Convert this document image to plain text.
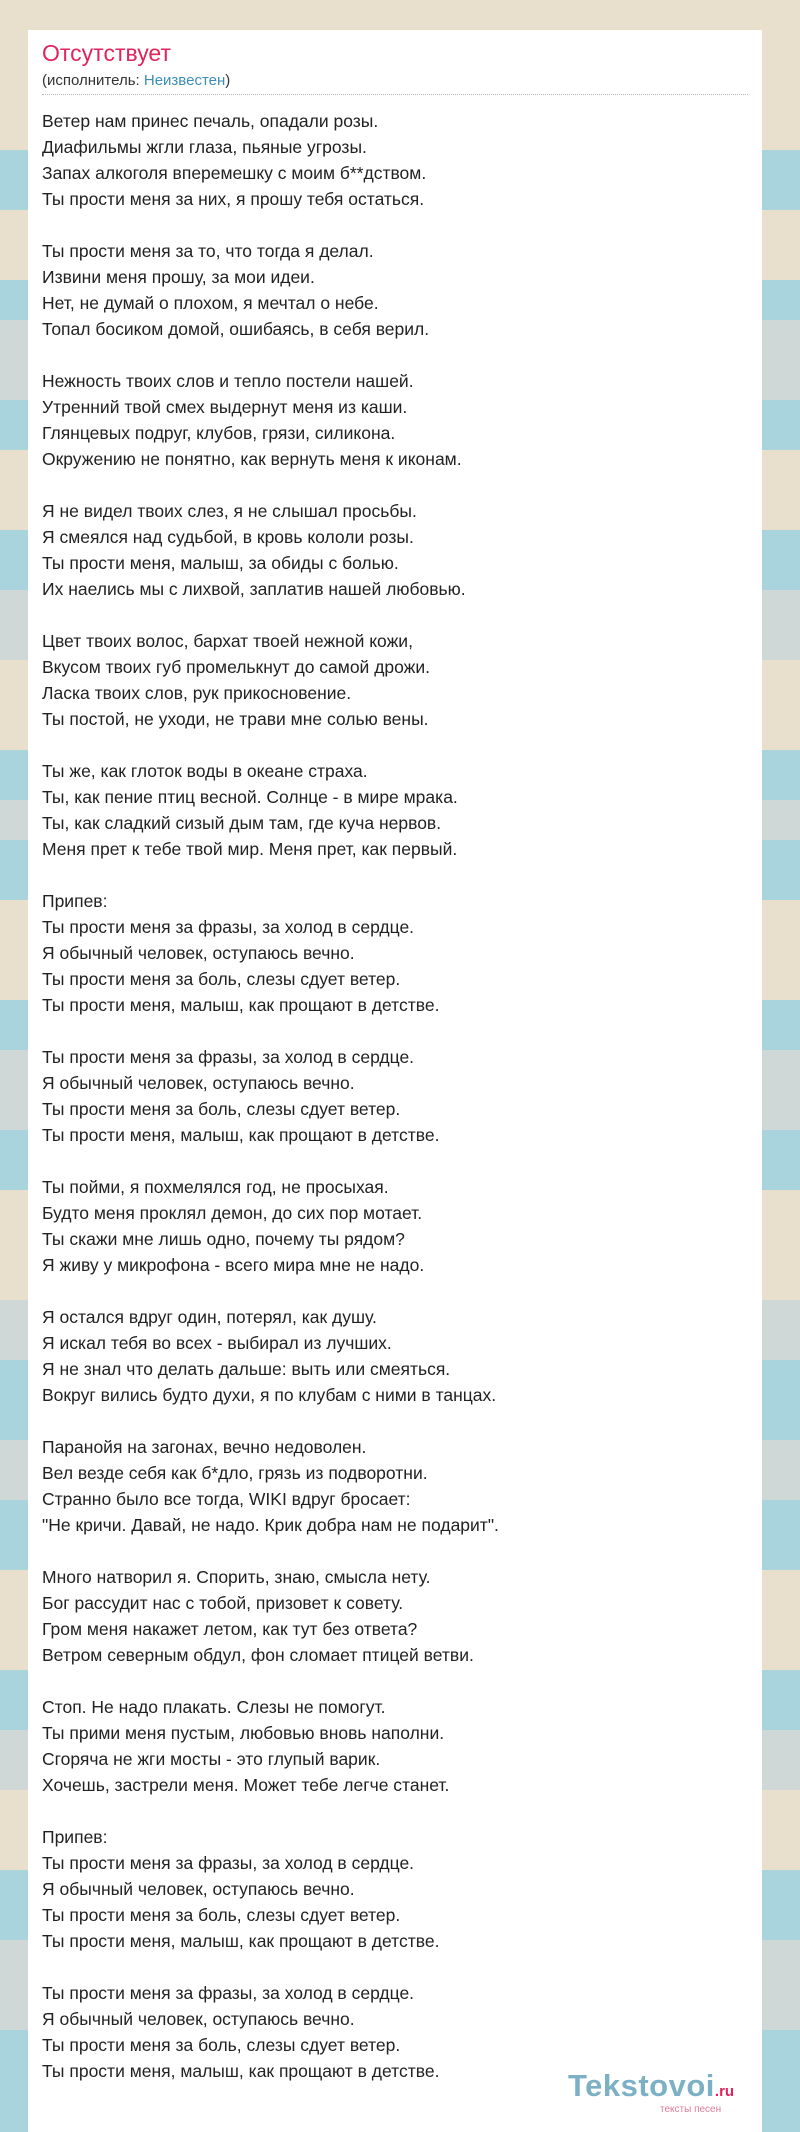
Отсутствует
(исполнитель: Неизвестен)
Ветер нам принес печаль, опадали розы.
Диафильмы жгли глаза, пьяные угрозы.
Запах алкоголя вперемешку с моим б**дством.
Ты прости меня за них, я прошу тебя остаться.
Ты прости меня за то, что тогда я делал.
Извини меня прошу, за мои идеи.
Нет, не думай о плохом, я мечтал о небе.
Топал босиком домой, ошибаясь, в себя верил.
Нежность твоих слов и тепло постели нашей.
Утренний твой смех выдернут меня из каши.
Глянцевых подруг, клубов, грязи, силикона.
Окружению не понятно, как вернуть меня к иконам.
Я не видел твоих слез, я не слышал просьбы.
Я смеялся над судьбой, в кровь кололи розы.
Ты прости меня, малыш, за обиды с болью.
Их наелись мы с лихвой, заплатив нашей любовью.
Цвет твоих волос, бархат твоей нежной кожи,
Вкусом твоих губ промелькнут до самой дрожи.
Ласка твоих слов, рук прикосновение.
Ты постой, не уходи, не трави мне солью вены.
Ты же, как глоток воды в океане страха.
Ты, как пение птиц весной. Солнце - в мире мрака.
Ты, как сладкий сизый дым там, где куча нервов.
Меня прет к тебе твой мир. Меня прет, как первый.
Припев:
Ты прости меня за фразы, за холод в сердце.
Я обычный человек, оступаюсь вечно.
Ты прости меня за боль, слезы сдует ветер.
Ты прости меня, малыш, как прощают в детстве.
Ты прости меня за фразы, за холод в сердце.
Я обычный человек, оступаюсь вечно.
Ты прости меня за боль, слезы сдует ветер.
Ты прости меня, малыш, как прощают в детстве.
Ты пойми, я похмелялся год, не просыхая.
Будто меня проклял демон, до сих пор мотает.
Ты скажи мне лишь одно, почему ты рядом?
Я живу у микрофона - всего мира мне не надо.
Я остался вдруг один, потерял, как душу.
Я искал тебя во всех - выбирал из лучших.
Я не знал что делать дальше: выть или смеяться.
Вокруг вились будто духи, я по клубам с ними в танцах.
Паранойя на загонах, вечно недоволен.
Вел везде себя как б*дло, грязь из подворотни.
Странно было все тогда, WIKI вдруг бросает:
"Не кричи. Давай, не надо. Крик добра нам не подарит".
Много натворил я. Спорить, знаю, смысла нету.
Бог рассудит нас с тобой, призовет к совету.
Гром меня накажет летом, как тут без ответа?
Ветром северным обдул, фон сломает птицей ветви.
Стоп. Не надо плакать. Слезы не помогут.
Ты прими меня пустым, любовью вновь наполни.
Сгоряча не жги мосты - это глупый варик.
Хочешь, застрели меня. Может тебе легче станет.
Припев:
Ты прости меня за фразы, за холод в сердце.
Я обычный человек, оступаюсь вечно.
Ты прости меня за боль, слезы сдует ветер.
Ты прости меня, малыш, как прощают в детстве.
Ты прости меня за фразы, за холод в сердце.
Я обычный человек, оступаюсь вечно.
Ты прости меня за боль, слезы сдует ветер.
Ты прости меня, малыш, как прощают в детстве.	Tekstovoi.ru
тексты песен
